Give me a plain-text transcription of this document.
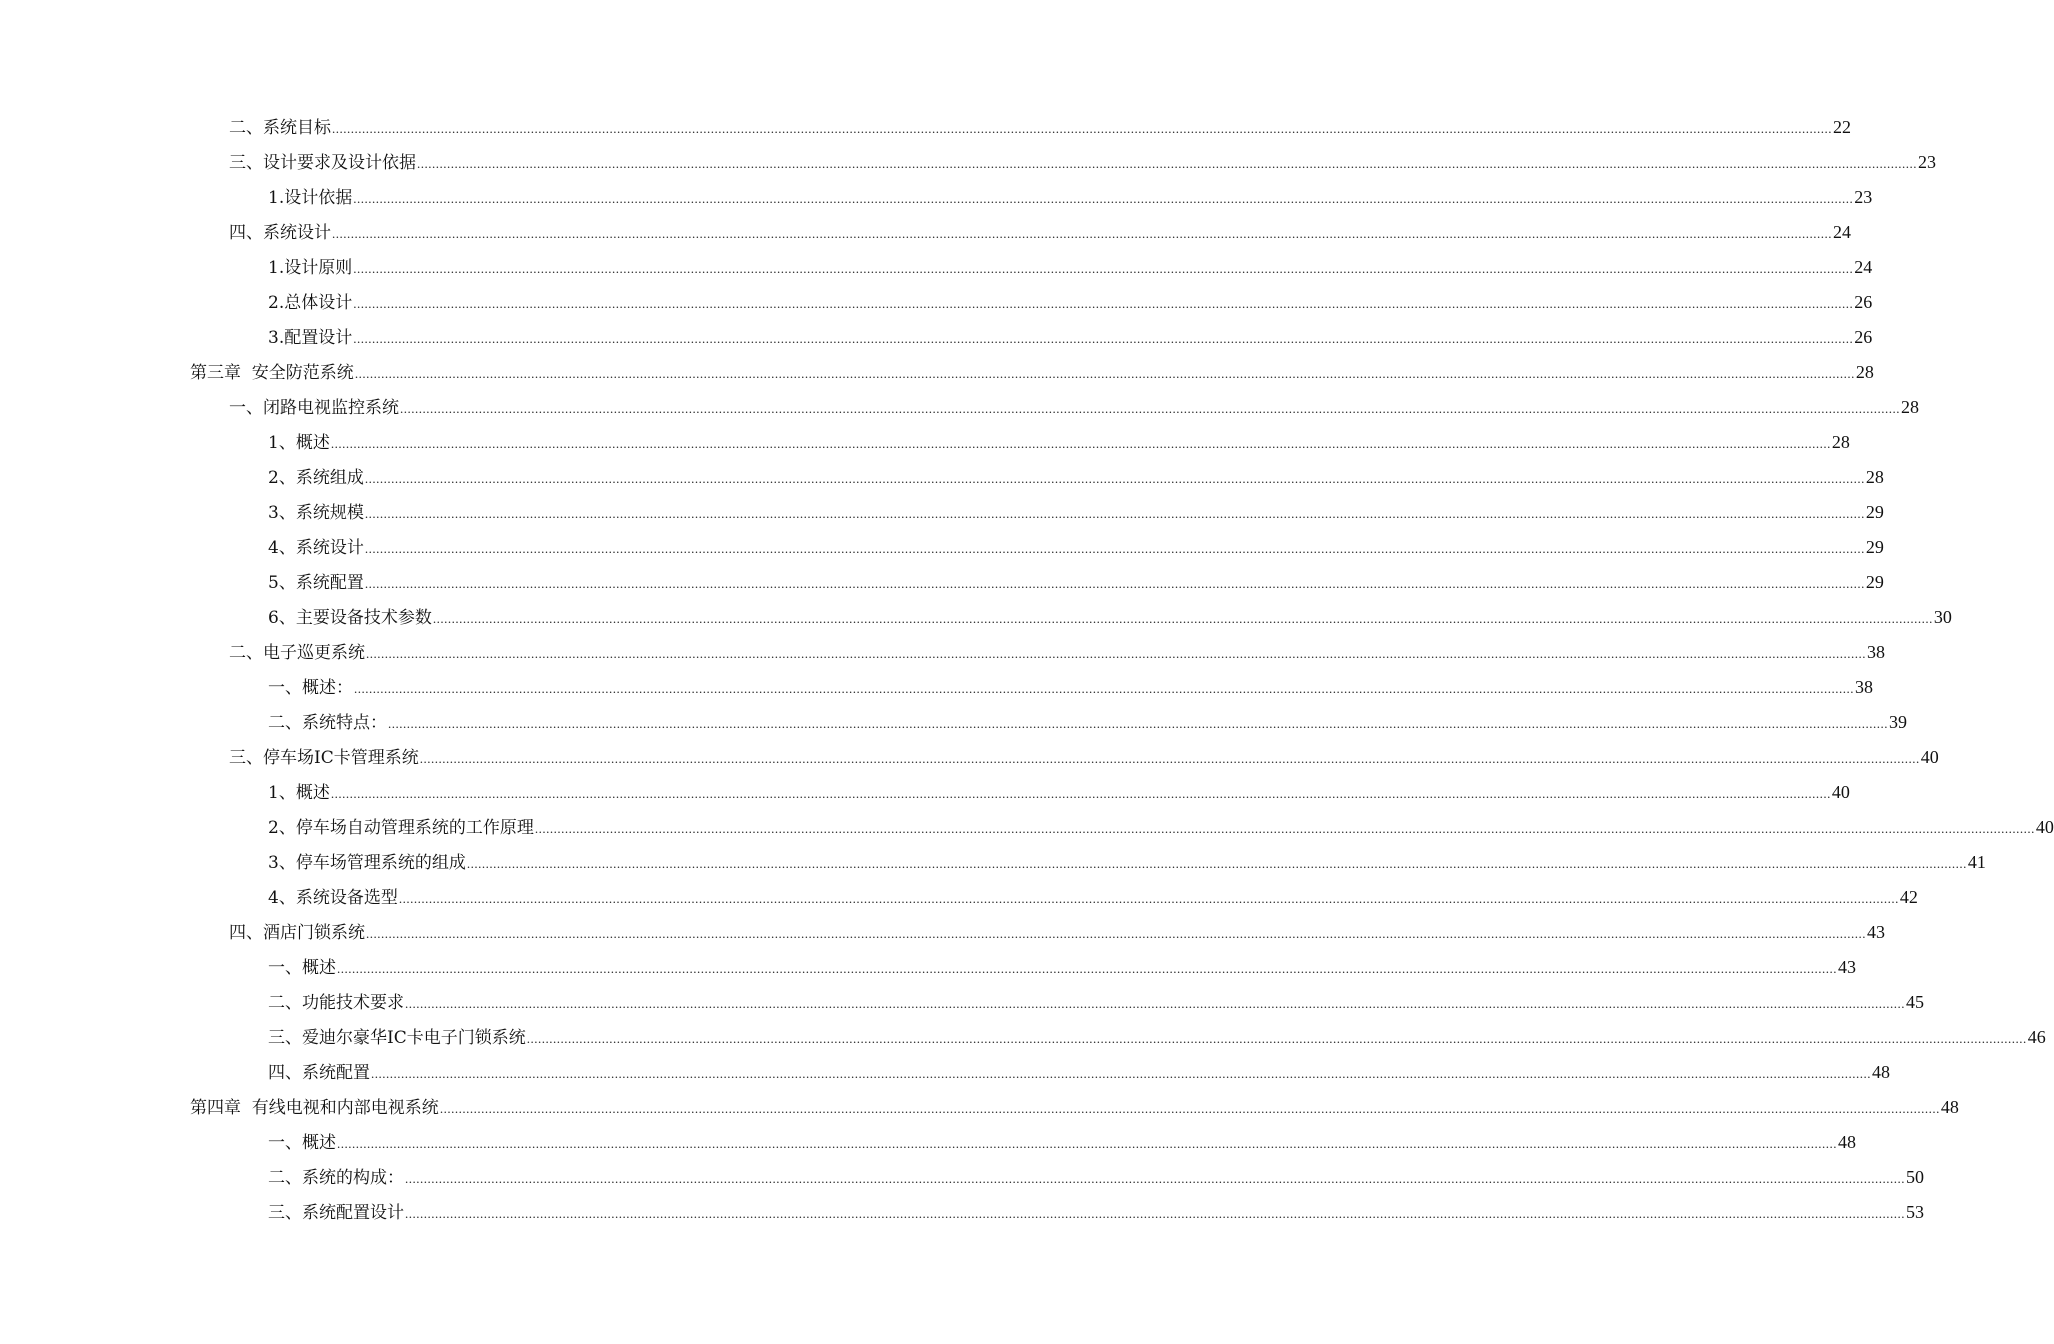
二、系统目标 ................................................................................................................................................................................................................................................................................................................................................................................................................ 22
三、设计要求及设计依据 ................................................................................................................................................................................................................................................................................................................................................................................................................ 23
1.设计依据 ................................................................................................................................................................................................................................................................................................................................................................................................................ 23
四、系统设计 ................................................................................................................................................................................................................................................................................................................................................................................................................ 24
1.设计原则 ................................................................................................................................................................................................................................................................................................................................................................................................................ 24
2.总体设计 ................................................................................................................................................................................................................................................................................................................................................................................................................ 26
3.配置设计 ................................................................................................................................................................................................................................................................................................................................................................................................................ 26
第三章  安全防范系统 ................................................................................................................................................................................................................................................................................................................................................................................................................ 28
一、闭路电视监控系统 ................................................................................................................................................................................................................................................................................................................................................................................................................ 28
1、 概述 ................................................................................................................................................................................................................................................................................................................................................................................................................ 28
2、 系统组成 ................................................................................................................................................................................................................................................................................................................................................................................................................ 28
3、 系统规模 ................................................................................................................................................................................................................................................................................................................................................................................................................ 29
4、 系统设计 ................................................................................................................................................................................................................................................................................................................................................................................................................ 29
5、 系统配置 ................................................................................................................................................................................................................................................................................................................................................................................................................ 29
6、 主要设备技术参数 ................................................................................................................................................................................................................................................................................................................................................................................................................ 30
二、电子巡更系统 ................................................................................................................................................................................................................................................................................................................................................................................................................ 38
一、概述： ................................................................................................................................................................................................................................................................................................................................................................................................................ 38
二、系统特点： ................................................................................................................................................................................................................................................................................................................................................................................................................ 39
三、停车场IC卡管理系统 ................................................................................................................................................................................................................................................................................................................................................................................................................ 40
1、 概述 ................................................................................................................................................................................................................................................................................................................................................................................................................ 40
2、 停车场自动管理系统的工作原理 ................................................................................................................................................................................................................................................................................................................................................................................................................ 40
3、 停车场管理系统的组成 ................................................................................................................................................................................................................................................................................................................................................................................................................ 41
4、 系统设备选型 ................................................................................................................................................................................................................................................................................................................................................................................................................ 42
四、酒店门锁系统 ................................................................................................................................................................................................................................................................................................................................................................................................................ 43
一、概述 ................................................................................................................................................................................................................................................................................................................................................................................................................ 43
二、功能技术要求 ................................................................................................................................................................................................................................................................................................................................................................................................................ 45
三、爱迪尔豪华IC卡电子门锁系统 ................................................................................................................................................................................................................................................................................................................................................................................................................ 46
四、系统配置 ................................................................................................................................................................................................................................................................................................................................................................................................................ 48
第四章  有线电视和内部电视系统 ................................................................................................................................................................................................................................................................................................................................................................................................................ 48
一、概述 ................................................................................................................................................................................................................................................................................................................................................................................................................ 48
二、系统的构成： ................................................................................................................................................................................................................................................................................................................................................................................................................ 50
三、系统配置设计 ................................................................................................................................................................................................................................................................................................................................................................................................................ 53
